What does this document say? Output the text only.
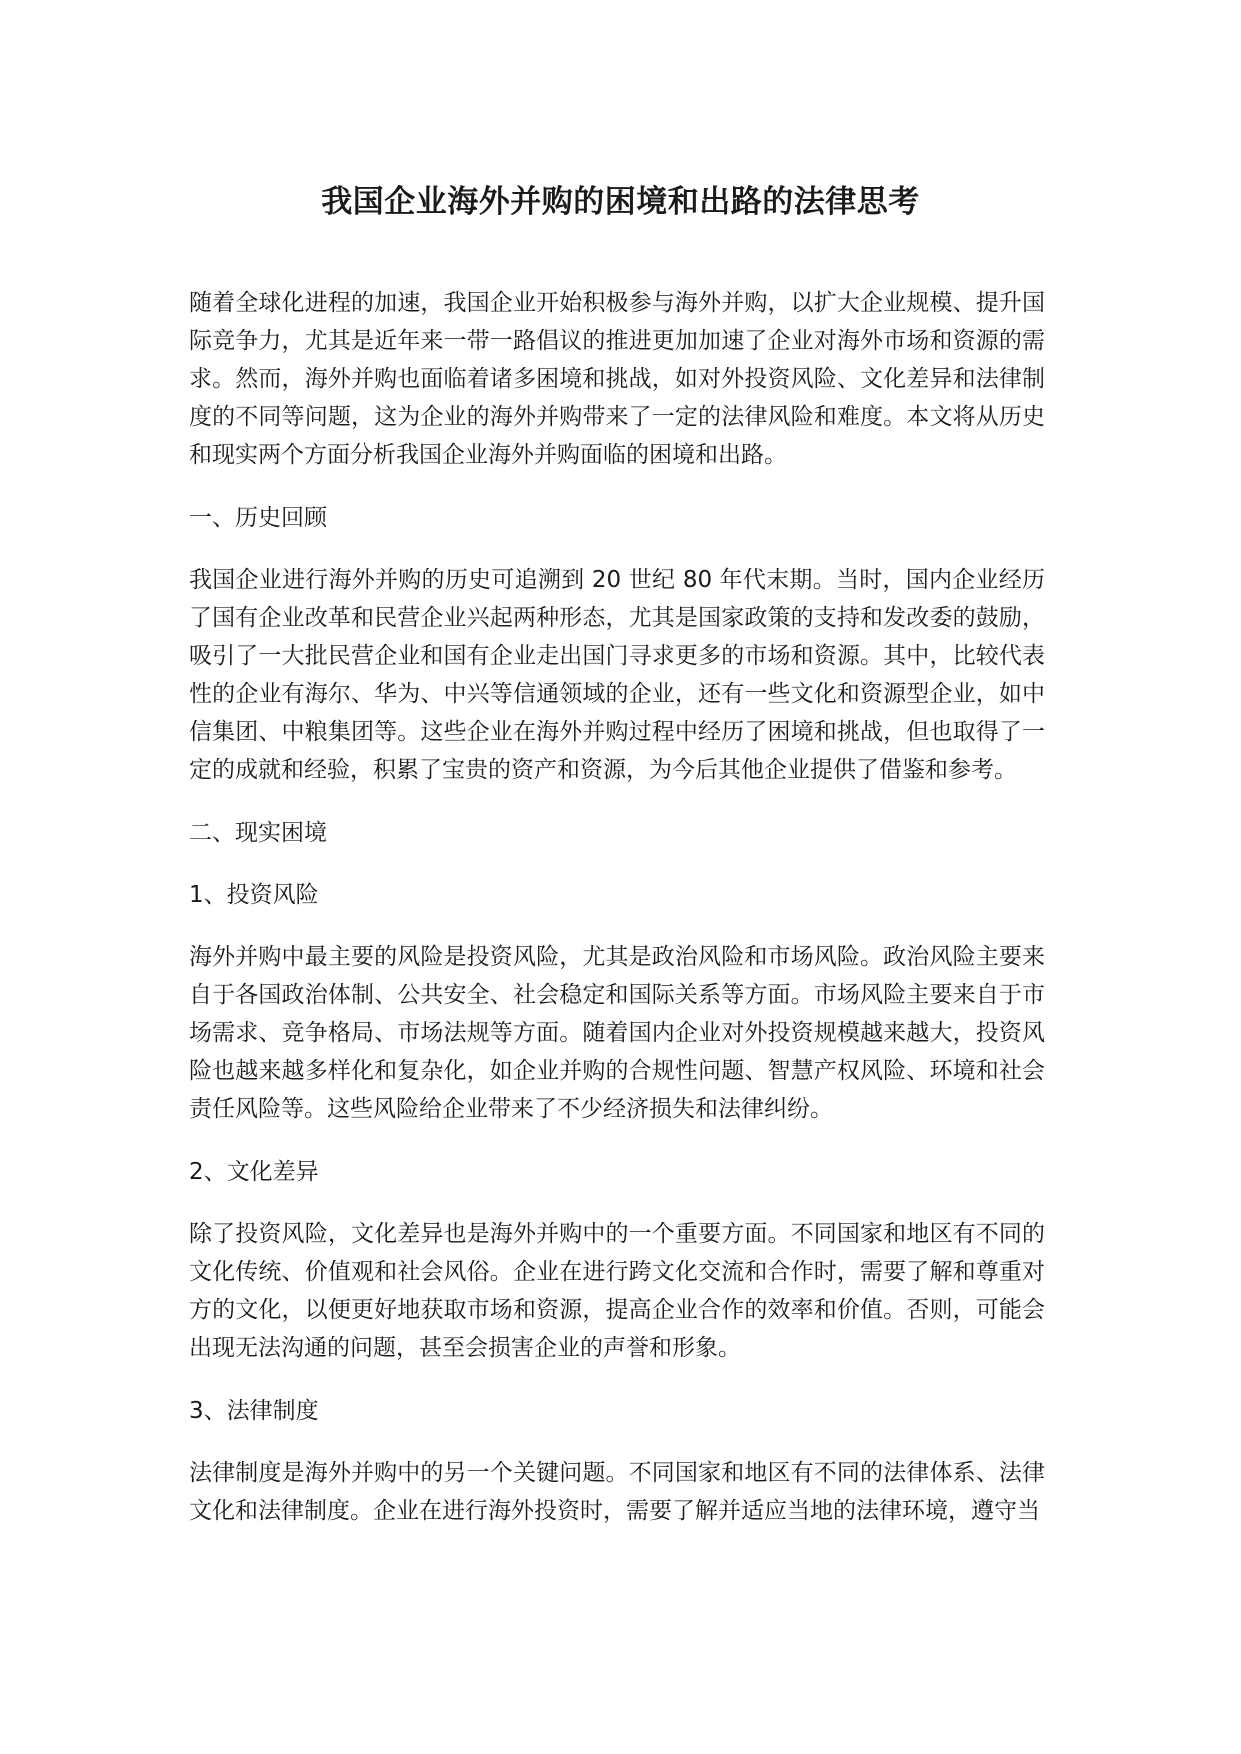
我国企业海外并购的困境和出路的法律思考

随着全球化进程的加速，我国企业开始积极参与海外并购，以扩大企业规模、提升国际竞争力，尤其是近年来一带一路倡议的推进更加加速了企业对海外市场和资源的需求。然而，海外并购也面临着诸多困境和挑战，如对外投资风险、文化差异和法律制度的不同等问题，这为企业的海外并购带来了一定的法律风险和难度。本文将从历史和现实两个方面分析我国企业海外并购面临的困境和出路。

一、历史回顾

我国企业进行海外并购的历史可追溯到 20 世纪 80 年代末期。当时，国内企业经历了国有企业改革和民营企业兴起两种形态，尤其是国家政策的支持和发改委的鼓励，吸引了一大批民营企业和国有企业走出国门寻求更多的市场和资源。其中，比较代表性的企业有海尔、华为、中兴等信通领域的企业，还有一些文化和资源型企业，如中信集团、中粮集团等。这些企业在海外并购过程中经历了困境和挑战，但也取得了一定的成就和经验，积累了宝贵的资产和资源，为今后其他企业提供了借鉴和参考。

二、现实困境

1、投资风险

海外并购中最主要的风险是投资风险，尤其是政治风险和市场风险。政治风险主要来自于各国政治体制、公共安全、社会稳定和国际关系等方面。市场风险主要来自于市场需求、竞争格局、市场法规等方面。随着国内企业对外投资规模越来越大，投资风险也越来越多样化和复杂化，如企业并购的合规性问题、智慧产权风险、环境和社会责任风险等。这些风险给企业带来了不少经济损失和法律纠纷。

2、文化差异

除了投资风险，文化差异也是海外并购中的一个重要方面。不同国家和地区有不同的文化传统、价值观和社会风俗。企业在进行跨文化交流和合作时，需要了解和尊重对方的文化，以便更好地获取市场和资源，提高企业合作的效率和价值。否则，可能会出现无法沟通的问题，甚至会损害企业的声誉和形象。

3、法律制度

法律制度是海外并购中的另一个关键问题。不同国家和地区有不同的法律体系、法律文化和法律制度。企业在进行海外投资时，需要了解并适应当地的法律环境，遵守当
